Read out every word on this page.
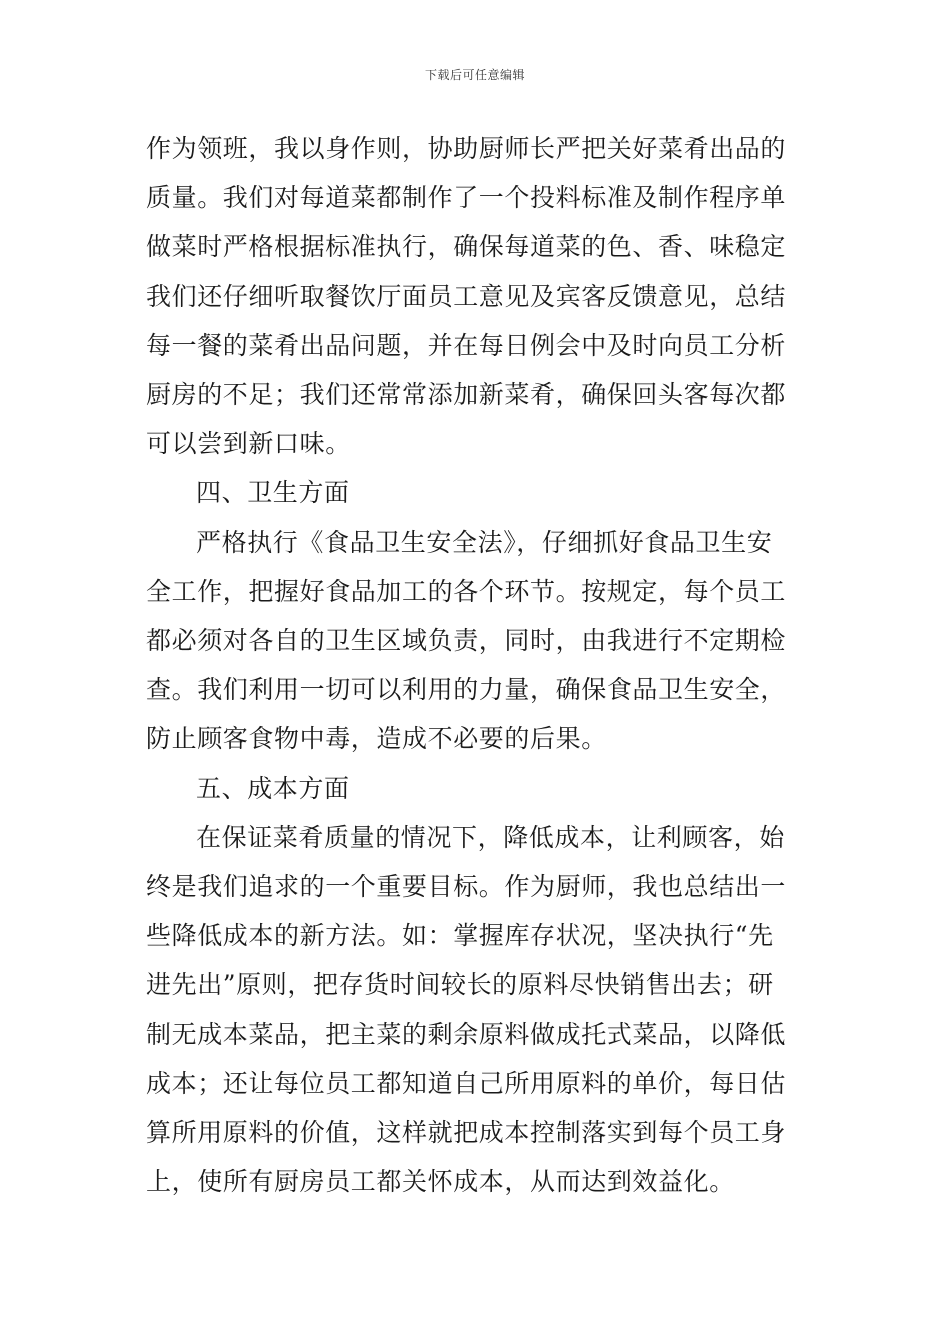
下载后可任意编辑
作为领班，我以身作则，协助厨师长严把关好菜肴出品的
质量。我们对每道菜都制作了一个投料标准及制作程序单
做菜时严格根据标准执行，确保每道菜的色、香、味稳定
我们还仔细听取餐饮厅面员工意见及宾客反馈意见，总结
每一餐的菜肴出品问题，并在每日例会中及时向员工分析
厨房的不足；我们还常常添加新菜肴，确保回头客每次都
可以尝到新口味。
四、卫生方面
严格执行《食品卫生安全法》，仔细抓好食品卫生安
全工作，把握好食品加工的各个环节。按规定，每个员工
都必须对各自的卫生区域负责，同时，由我进行不定期检
查。我们利用一切可以利用的力量，确保食品卫生安全，
防止顾客食物中毒，造成不必要的后果。
五、成本方面
在保证菜肴质量的情况下，降低成本，让利顾客，始
终是我们追求的一个重要目标。作为厨师，我也总结出一
些降低成本的新方法。如：掌握库存状况，坚决执行“先
进先出”原则，把存货时间较长的原料尽快销售出去；研
制无成本菜品，把主菜的剩余原料做成托式菜品，以降低
成本；还让每位员工都知道自己所用原料的单价，每日估
算所用原料的价值，这样就把成本控制落实到每个员工身
上，使所有厨房员工都关怀成本，从而达到效益化。
